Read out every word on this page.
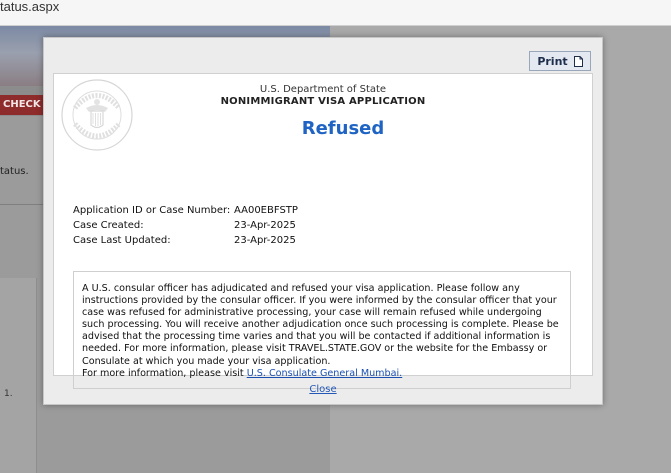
tatus.aspx
CHECK
tatus.
1.
Print
U.S. Department of State
NONIMMIGRANT VISA APPLICATION
Refused
Application ID or Case Number: AA00EBFSTP
Case Created:	23-Apr-2025
Case Last Updated:	23-Apr-2025
A U.S. consular officer has adjudicated and refused your visa application. Please follow any instructions provided by the consular officer. If you were informed by the consular officer that your case was refused for administrative processing, your case will remain refused while undergoing such processing. You will receive another adjudication once such processing is complete. Please be advised that the processing time varies and that you will be contacted if additional information is needed. For more information, please visit TRAVEL.STATE.GOV or the website for the Embassy or Consulate at which you made your visa application.
For more information, please visit U.S. Consulate General Mumbai.
Close
